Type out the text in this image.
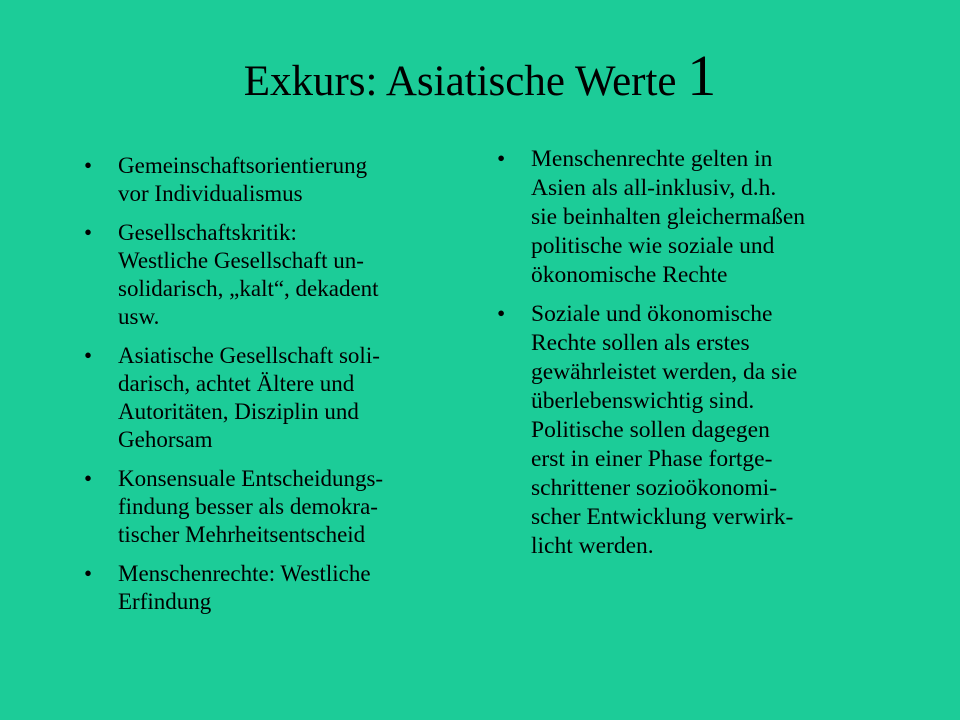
Exkurs: Asiatische Werte 1
• Gemeinschaftsorientierung
vor Individualismus
• Gesellschaftskritik:
Westliche Gesellschaft un-
solidarisch, „kalt“, dekadent
usw.
• Asiatische Gesellschaft soli-
darisch, achtet Ältere und
Autoritäten, Disziplin und
Gehorsam
• Konsensuale Entscheidungs-
findung besser als demokra-
tischer Mehrheitsentscheid
• Menschenrechte: Westliche
Erfindung
• Menschenrechte gelten in
Asien als all-inklusiv, d.h.
sie beinhalten gleichermaßen
politische wie soziale und
ökonomische Rechte
• Soziale und ökonomische
Rechte sollen als erstes
gewährleistet werden, da sie
überlebenswichtig sind.
Politische sollen dagegen
erst in einer Phase fortge-
schrittener sozioökonomi-
scher Entwicklung verwirk-
licht werden.
